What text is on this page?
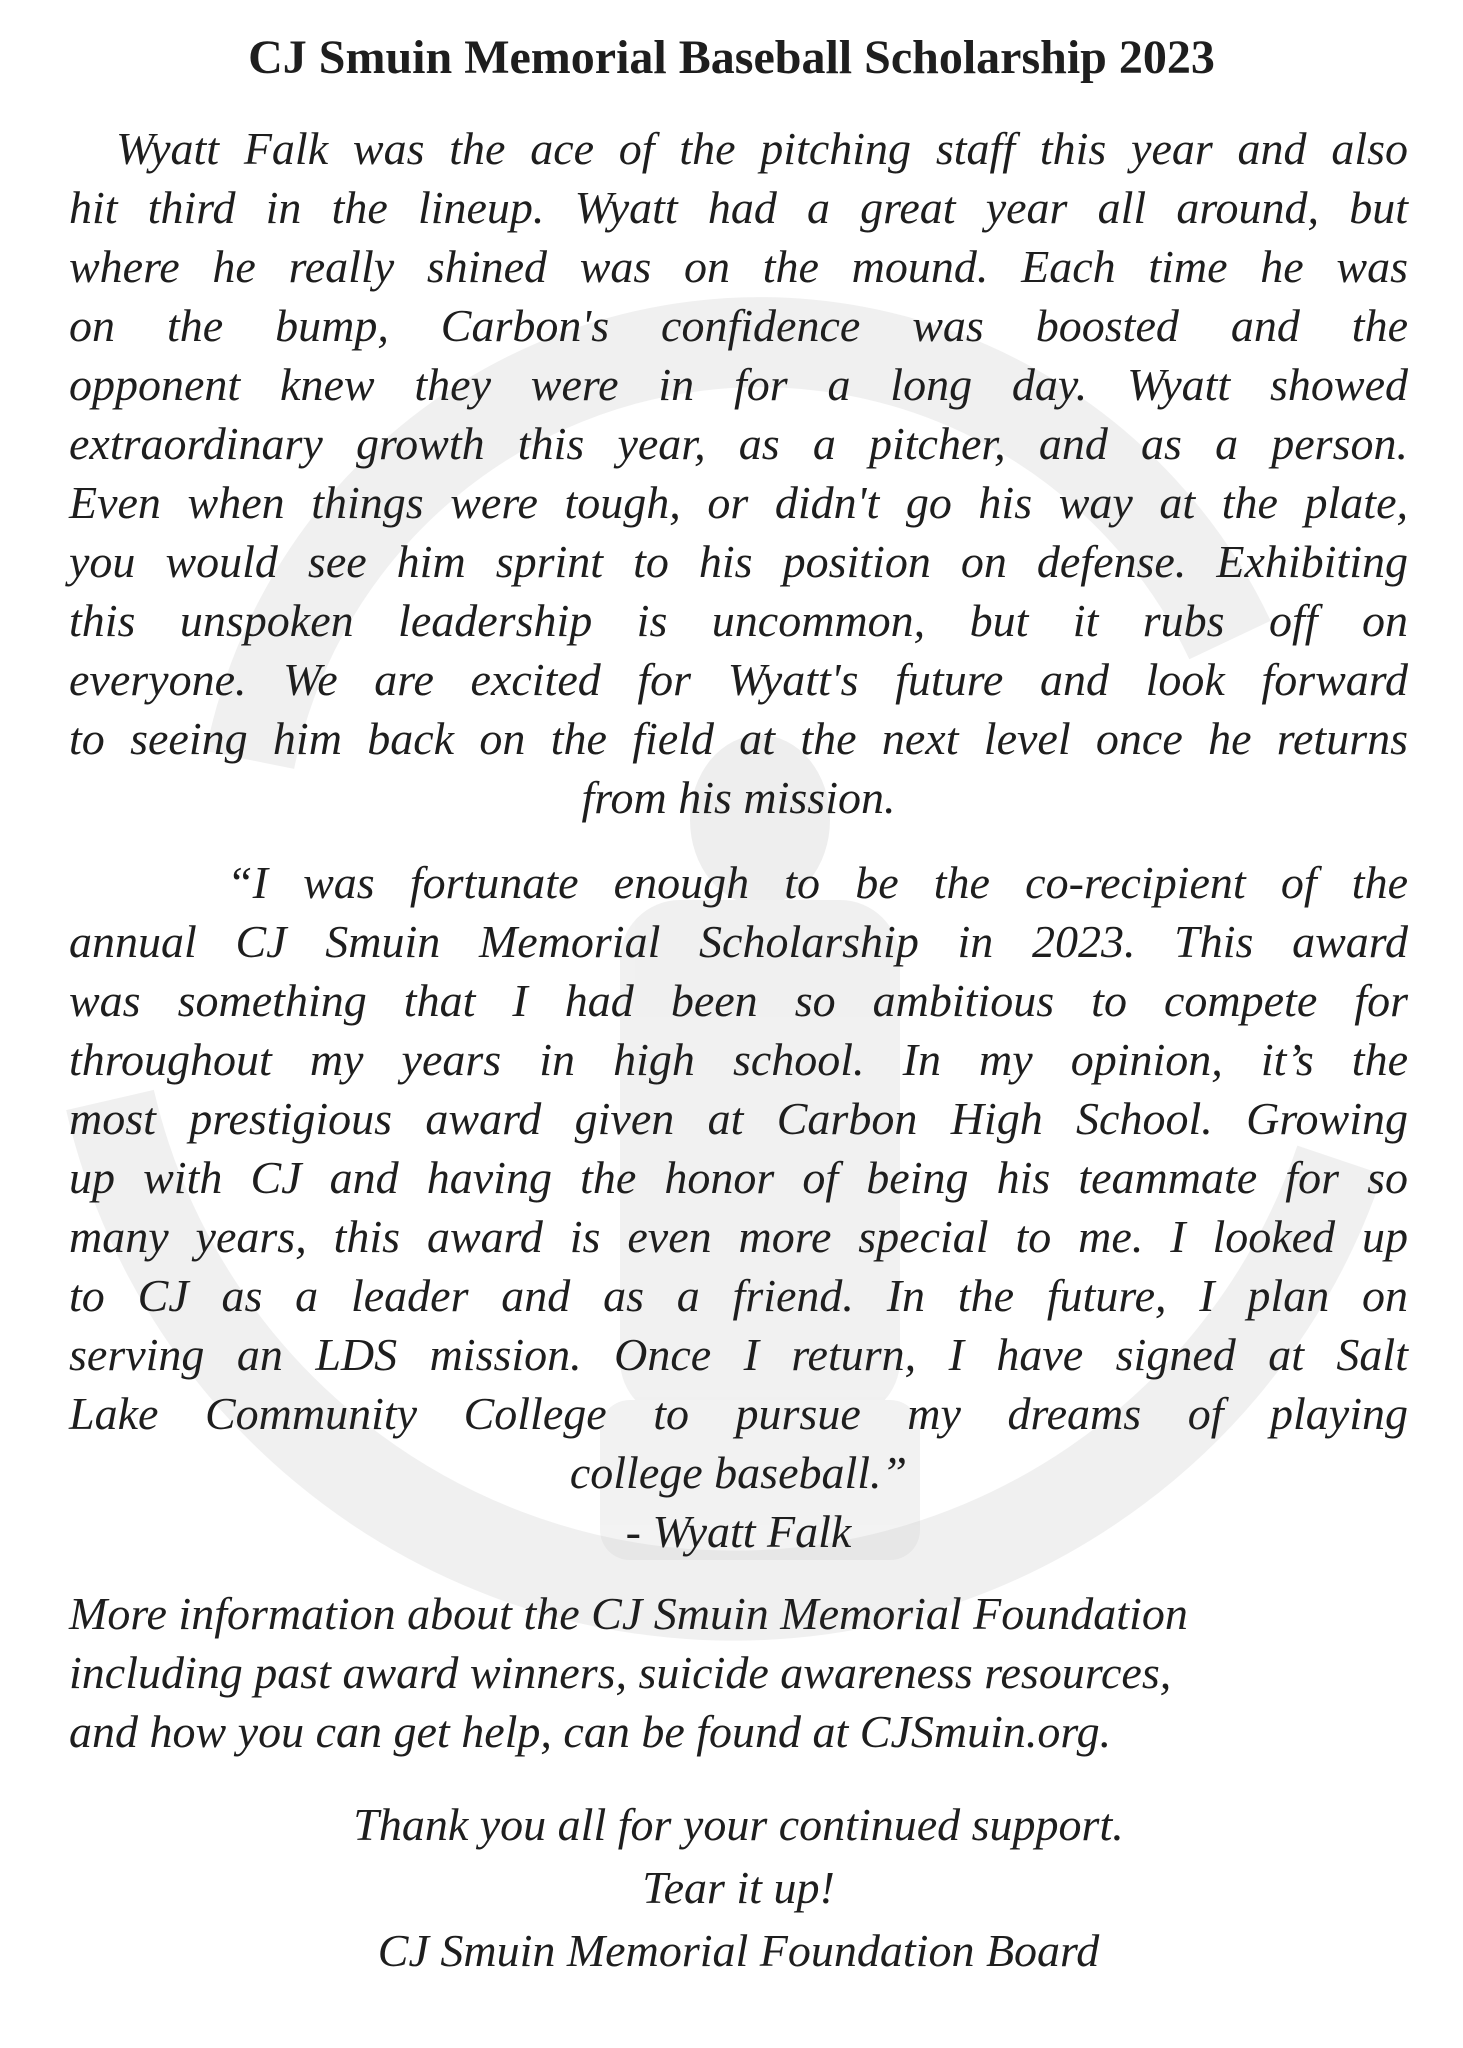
CJ Smuin Memorial Baseball Scholarship 2023
Wyatt Falk was the ace of the pitching staff this year and also
hit third in the lineup. Wyatt had a great year all around, but
where he really shined was on the mound. Each time he was
on the bump, Carbon's confidence was boosted and the
opponent knew they were in for a long day. Wyatt showed
extraordinary growth this year, as a pitcher, and as a person.
Even when things were tough, or didn't go his way at the plate,
you would see him sprint to his position on defense. Exhibiting
this unspoken leadership is uncommon, but it rubs off on
everyone. We are excited for Wyatt's future and look forward
to seeing him back on the field at the next level once he returns
from his mission.
“I was fortunate enough to be the co-recipient of the
annual CJ Smuin Memorial Scholarship in 2023. This award
was something that I had been so ambitious to compete for
throughout my years in high school. In my opinion, it’s the
most prestigious award given at Carbon High School. Growing
up with CJ and having the honor of being his teammate for so
many years, this award is even more special to me. I looked up
to CJ as a leader and as a friend. In the future, I plan on
serving an LDS mission. Once I return, I have signed at Salt
Lake Community College to pursue my dreams of playing
college baseball.”
- Wyatt Falk
More information about the CJ Smuin Memorial Foundation
including past award winners, suicide awareness resources,
and how you can get help, can be found at CJSmuin.org.
Thank you all for your continued support.
Tear it up!
CJ Smuin Memorial Foundation Board
